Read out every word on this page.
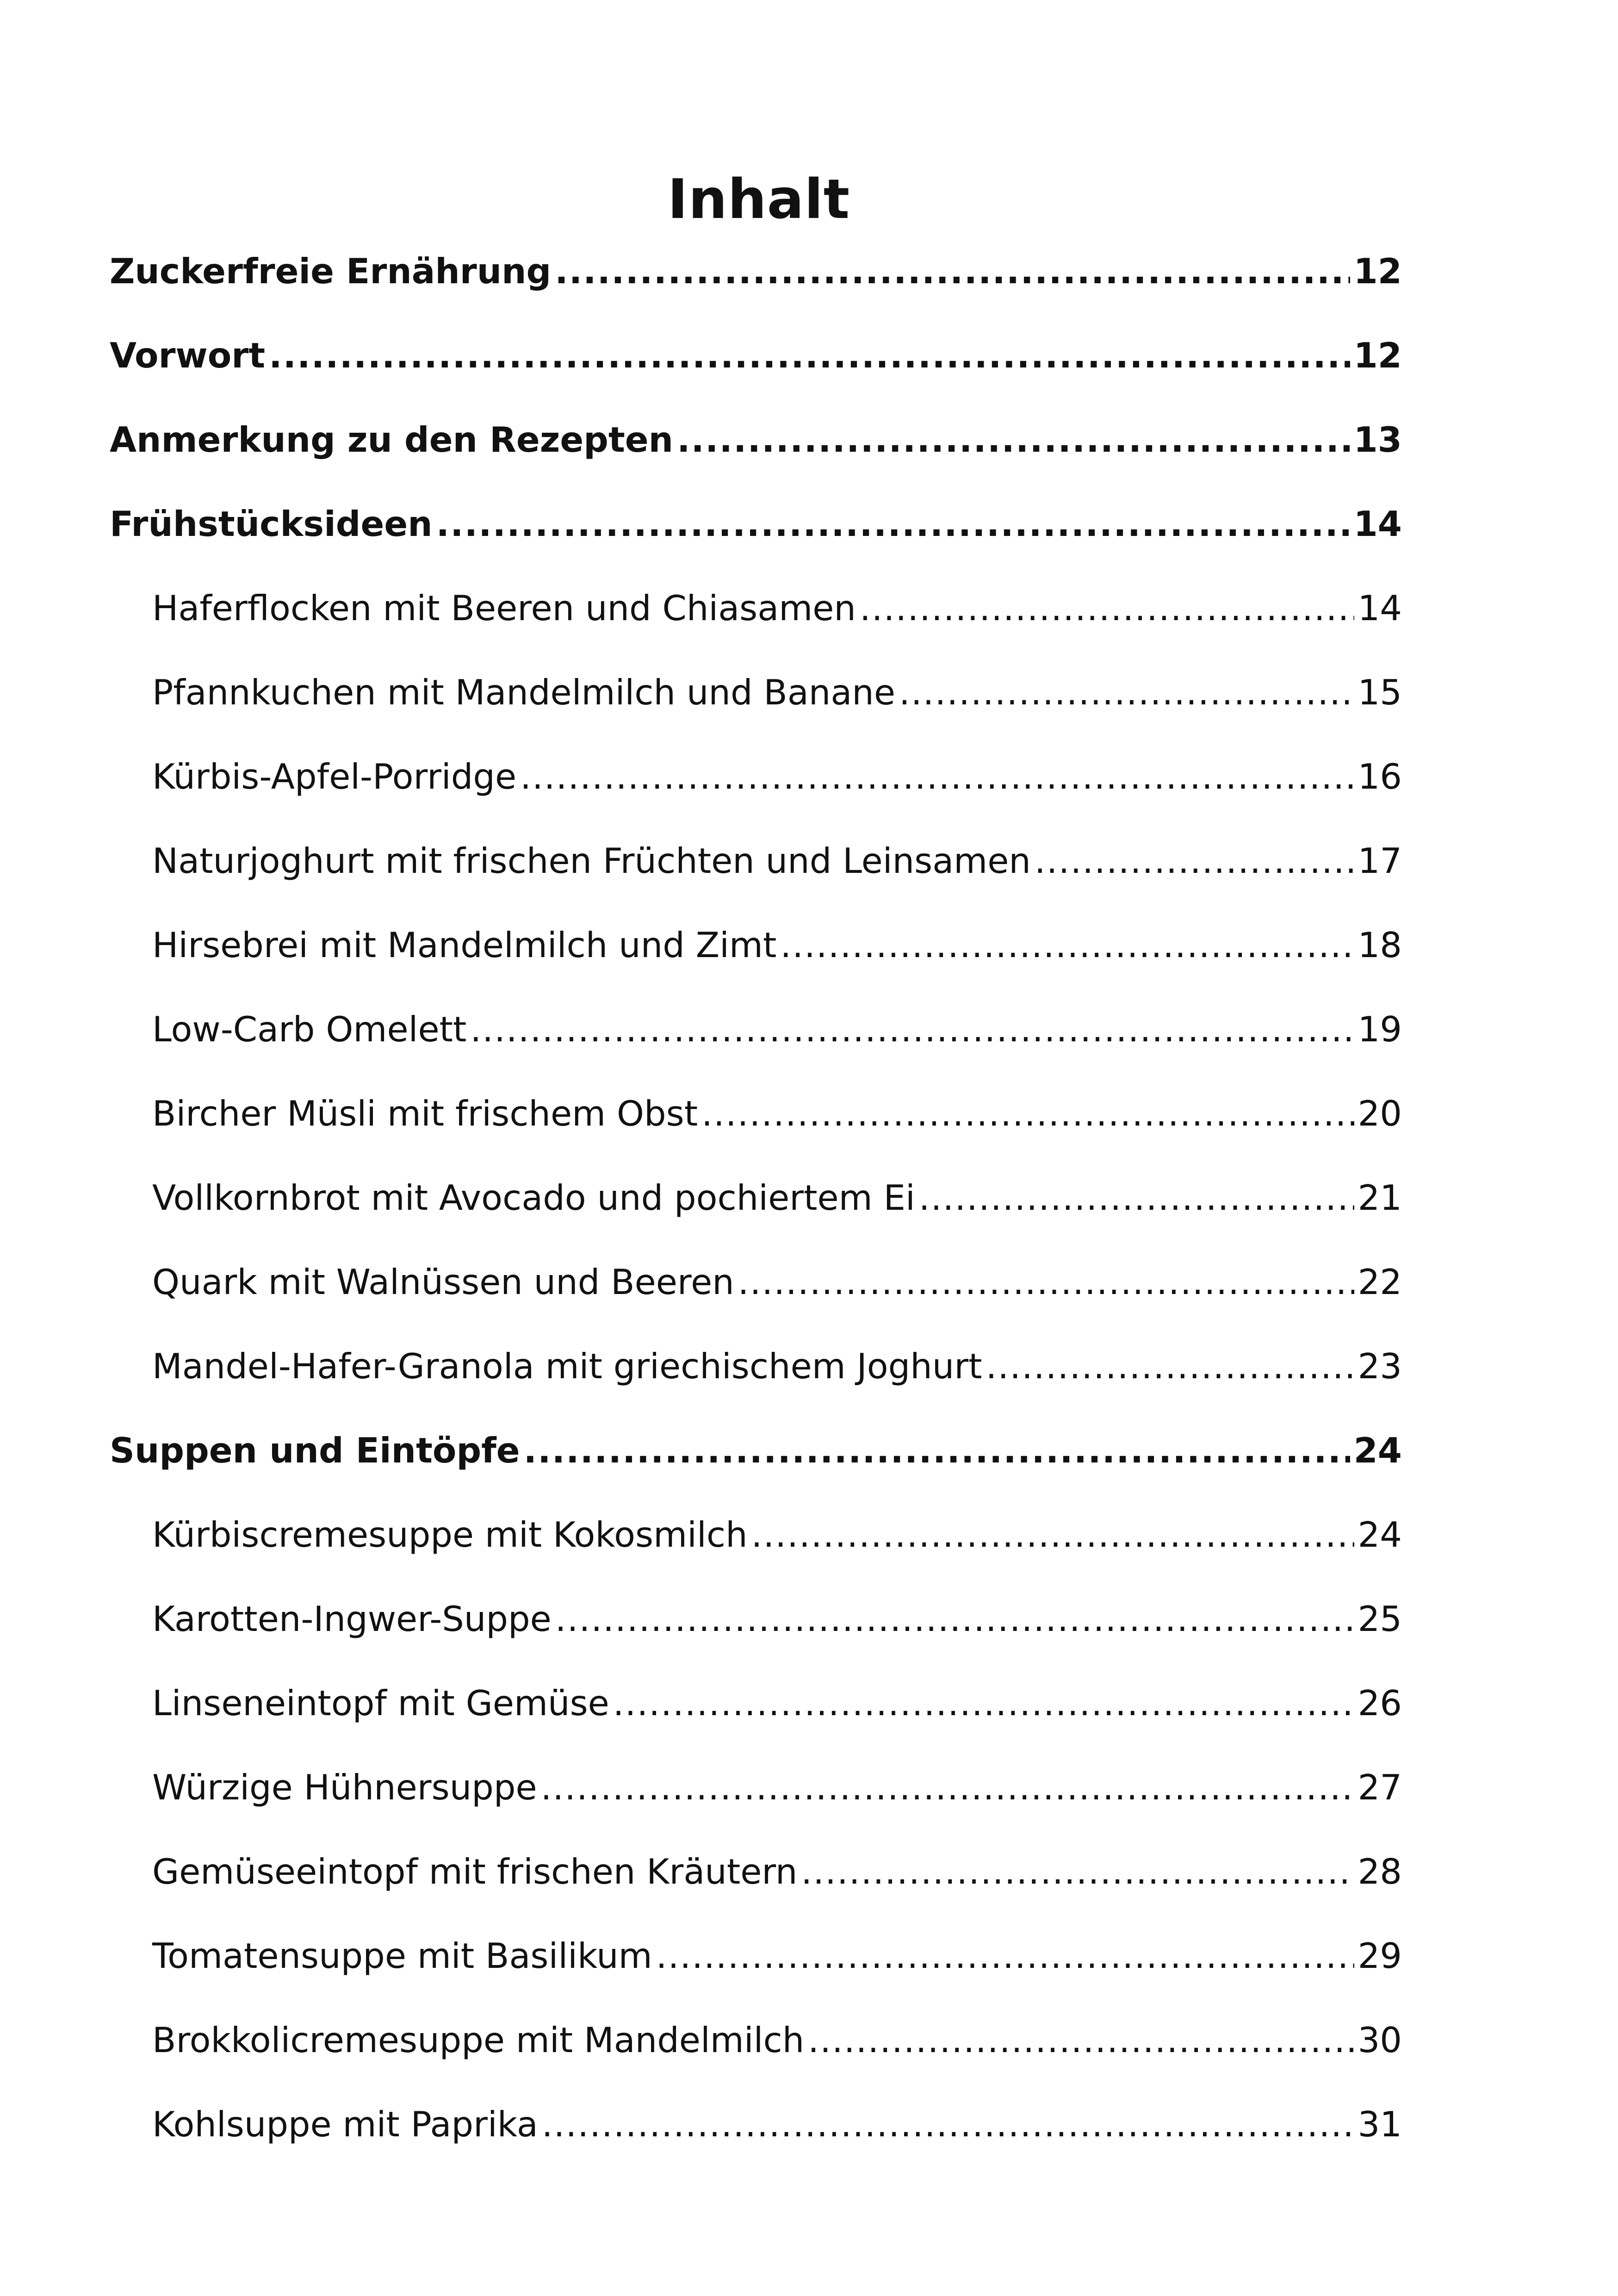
Inhalt
Zuckerfreie Ernährung .....	12
Vorwort .....	12
Anmerkung zu den Rezepten .....	13
Frühstücksideen .....	14
Haferflocken mit Beeren und Chiasamen .....	14
Pfannkuchen mit Mandelmilch und Banane .....	15
Kürbis-Apfel-Porridge .....	16
Naturjoghurt mit frischen Früchten und Leinsamen .....	17
Hirsebrei mit Mandelmilch und Zimt .....	18
Low-Carb Omelett .....	19
Bircher Müsli mit frischem Obst .....	20
Vollkornbrot mit Avocado und pochiertem Ei .....	21
Quark mit Walnüssen und Beeren .....	22
Mandel-Hafer-Granola mit griechischem Joghurt .....	23
Suppen und Eintöpfe .....	24
Kürbiscremesuppe mit Kokosmilch .....	24
Karotten-Ingwer-Suppe .....	25
Linseneintopf mit Gemüse .....	26
Würzige Hühnersuppe .....	27
Gemüseeintopf mit frischen Kräutern .....	28
Tomatensuppe mit Basilikum .....	29
Brokkolicremesuppe mit Mandelmilch .....	30
Kohlsuppe mit Paprika .....	31
